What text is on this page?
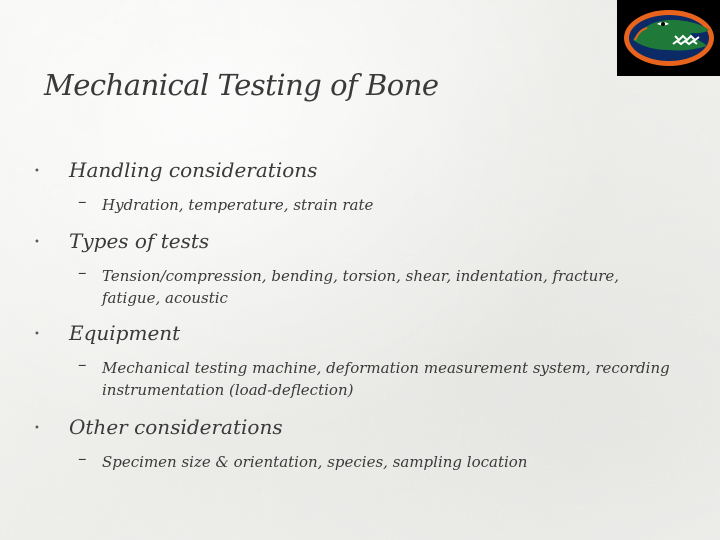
Mechanical Testing of Bone
• Handling considerations
– Hydration, temperature, strain rate
• Types of tests
– Tension/compression, bending, torsion, shear, indentation, fracture, fatigue, acoustic
• Equipment
– Mechanical testing machine, deformation measurement system, recording instrumentation (load-deflection)
• Other considerations
– Specimen size & orientation, species, sampling location
